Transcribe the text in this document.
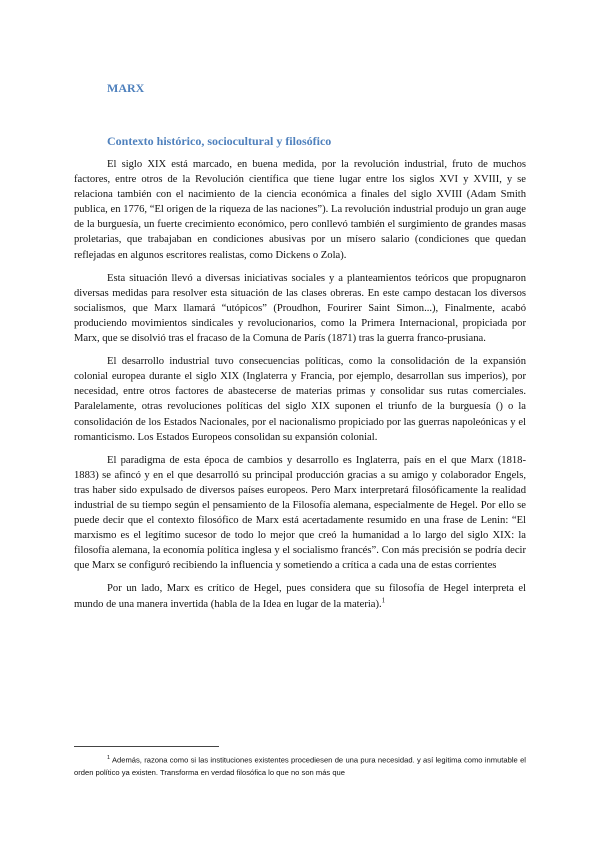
MARX
Contexto histórico, sociocultural y filosófico

El siglo XIX está marcado, en buena medida, por la revolución industrial, fruto de muchos factores, entre otros de la Revolución científica que tiene lugar entre los siglos XVI y XVIII, y se relaciona también con el nacimiento de la ciencia económica a finales del siglo XVIII (Adam Smith publica, en 1776, “El origen de la riqueza de las naciones”). La revolución industrial produjo un gran auge de la burguesía, un fuerte crecimiento económico, pero conllevó también el surgimiento de grandes masas proletarias, que trabajaban en condiciones abusivas por un mísero salario (condiciones que quedan reflejadas en algunos escritores realistas, como Dickens o Zola).

Esta situación llevó a diversas iniciativas sociales y a planteamientos teóricos que propugnaron diversas medidas para resolver esta situación de las clases obreras. En este campo destacan los diversos socialismos, que Marx llamará “utópicos” (Proudhon, Fourirer Saint Simon...), Finalmente, acabó produciendo movimientos sindicales y revolucionarios, como la Primera Internacional, propiciada por Marx, que se disolvió tras el fracaso de la Comuna de París (1871) tras la guerra franco-prusiana.

El desarrollo industrial tuvo consecuencias políticas, como la consolidación de la expansión colonial europea durante el siglo XIX (Inglaterra y Francia, por ejemplo, desarrollan sus imperios), por necesidad, entre otros factores de abastecerse de materias primas y consolidar sus rutas comerciales. Paralelamente, otras revoluciones políticas del siglo XIX suponen el triunfo de la burguesía () o la consolidación de los Estados Nacionales, por el nacionalismo propiciado por las guerras napoleónicas y el romanticismo. Los Estados Europeos consolidan su expansión colonial.

El paradigma de esta época de cambios y desarrollo es Inglaterra, país en el que Marx (1818-1883) se afincó y en el que desarrolló su principal producción gracias a su amigo y colaborador Engels, tras haber sido expulsado de diversos países europeos. Pero Marx interpretará filosóficamente la realidad industrial de su tiempo según el pensamiento de la Filosofía alemana, especialmente de Hegel. Por ello se puede decir que el contexto filosófico de Marx está acertadamente resumido en una frase de Lenin: “El marxismo es el legítimo sucesor de todo lo mejor que creó la humanidad a lo largo del siglo XIX: la filosofía alemana, la economía política inglesa y el socialismo francés”. Con más precisión se podría decir que Marx se configuró recibiendo la influencia y sometiendo a crítica a cada una de estas corrientes

Por un lado, Marx es crítico de Hegel, pues considera que su filosofía de Hegel interpreta el mundo de una manera invertida (habla de la Idea en lugar de la materia).$^1$

$^1$ Además, razona como si las instituciones existentes procediesen de una pura necesidad. y así legitima como inmutable el orden político ya existen. Transforma en verdad filosófica lo que no son más que
